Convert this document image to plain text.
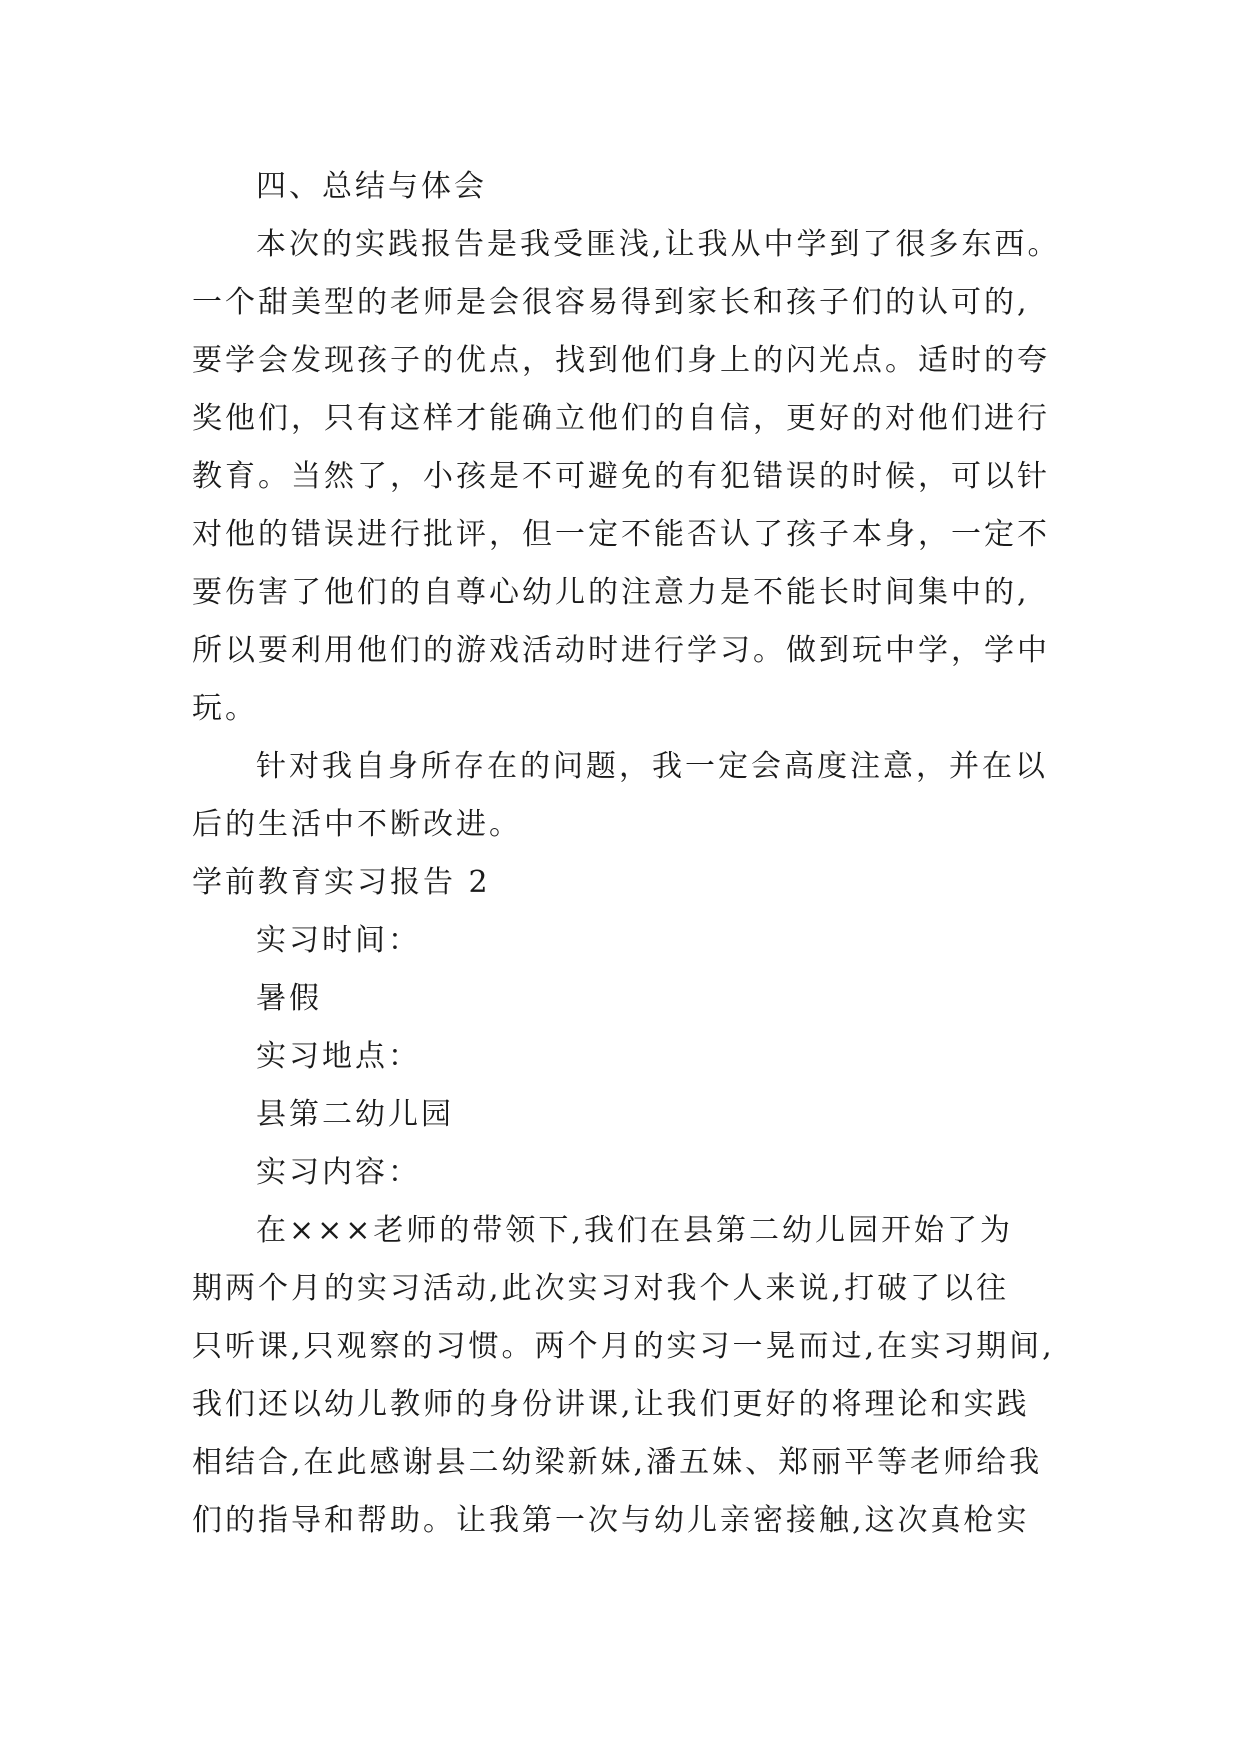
四、总结与体会
本次的实践报告是我受匪浅,让我从中学到了很多东西。
一个甜美型的老师是会很容易得到家长和孩子们的认可的,
要学会发现孩子的优点，找到他们身上的闪光点。适时的夸
奖他们，只有这样才能确立他们的自信，更好的对他们进行
教育。当然了，小孩是不可避免的有犯错误的时候，可以针
对他的错误进行批评，但一定不能否认了孩子本身，一定不
要伤害了他们的自尊心幼儿的注意力是不能长时间集中的,
所以要利用他们的游戏活动时进行学习。做到玩中学，学中
玩。
针对我自身所存在的问题，我一定会高度注意，并在以
后的生活中不断改进。
学前教育实习报告 2
实习时间：
暑假
实习地点：
县第二幼儿园
实习内容：
在×××老师的带领下,我们在县第二幼儿园开始了为
期两个月的实习活动,此次实习对我个人来说,打破了以往
只听课,只观察的习惯。两个月的实习一晃而过,在实习期间,
我们还以幼儿教师的身份讲课,让我们更好的将理论和实践
相结合,在此感谢县二幼梁新妹,潘五妹、郑丽平等老师给我
们的指导和帮助。让我第一次与幼儿亲密接触,这次真枪实
